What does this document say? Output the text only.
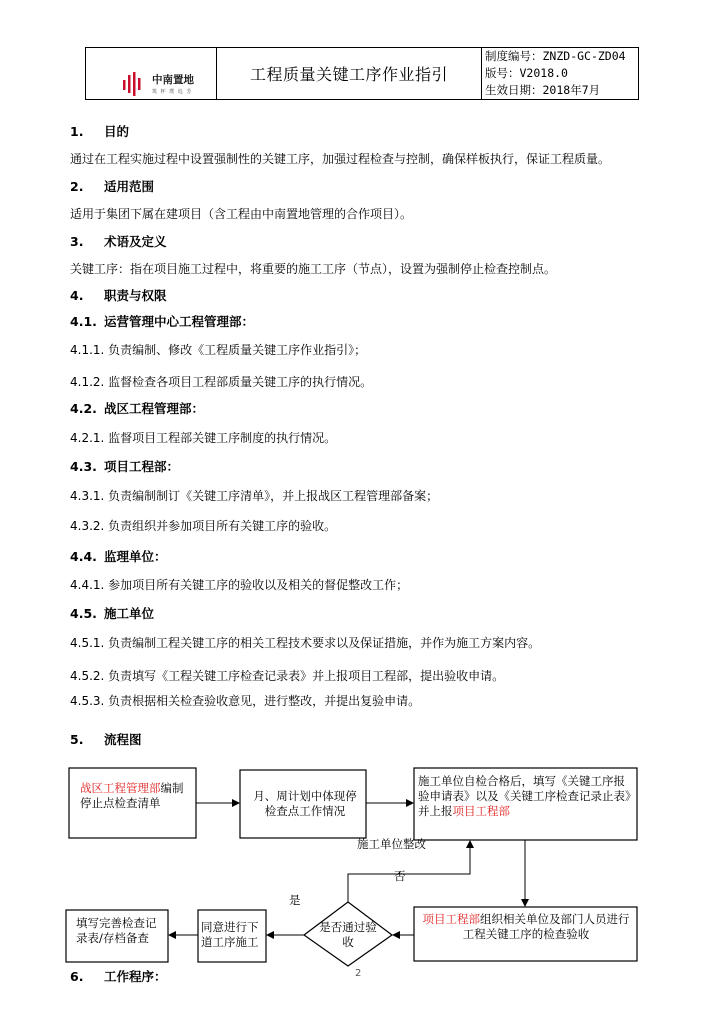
中南置地
筑 杯 璞 追 芳
工程质量关键工序作业指引
制度编号：ZNZD-GC-ZD04
版号：V2018.0
生效日期：2018年7月
1. 目的
通过在工程实施过程中设置强制性的关键工序，加强过程检查与控制，确保样板执行，保证工程质量。
2. 适用范围
适用于集团下属在建项目（含工程由中南置地管理的合作项目）。
3. 术语及定义
关键工序：指在项目施工过程中，将重要的施工工序（节点），设置为强制停止检查控制点。
4. 职责与权限
4.1. 运营管理中心工程管理部：
4.1.1. 负责编制、修改《工程质量关键工序作业指引》；
4.1.2. 监督检查各项目工程部质量关键工序的执行情况。
4.2. 战区工程管理部：
4.2.1. 监督项目工程部关键工序制度的执行情况。
4.3. 项目工程部：
4.3.1. 负责编制制订《关键工序清单》，并上报战区工程管理部备案；
4.3.2. 负责组织并参加项目所有关键工序的验收。
4.4. 监理单位：
4.4.1. 参加项目所有关键工序的验收以及相关的督促整改工作；
4.5. 施工单位
4.5.1. 负责编制工程关键工序的相关工程技术要求以及保证措施，并作为施工方案内容。
4.5.2. 负责填写《工程关键工序检查记录表》并上报项目工程部，提出验收申请。
4.5.3. 负责根据相关检查验收意见，进行整改，并提出复验申请。
5. 流程图
战区工程管理部编制停止点检查清单	月、周计划中体现停检查点工作情况
施工单位自检合格后，填写《关键工序报验申请表》以及《关键工序检查记录止表》并上报项目工程部
项目工程部组织相关单位及部门人员进行工程关键工序的检查验收
是否通过验收
同意进行下道工序施工
填写完善检查记录表/存档备查
施工单位整改
否
是
6. 工作程序：	2
